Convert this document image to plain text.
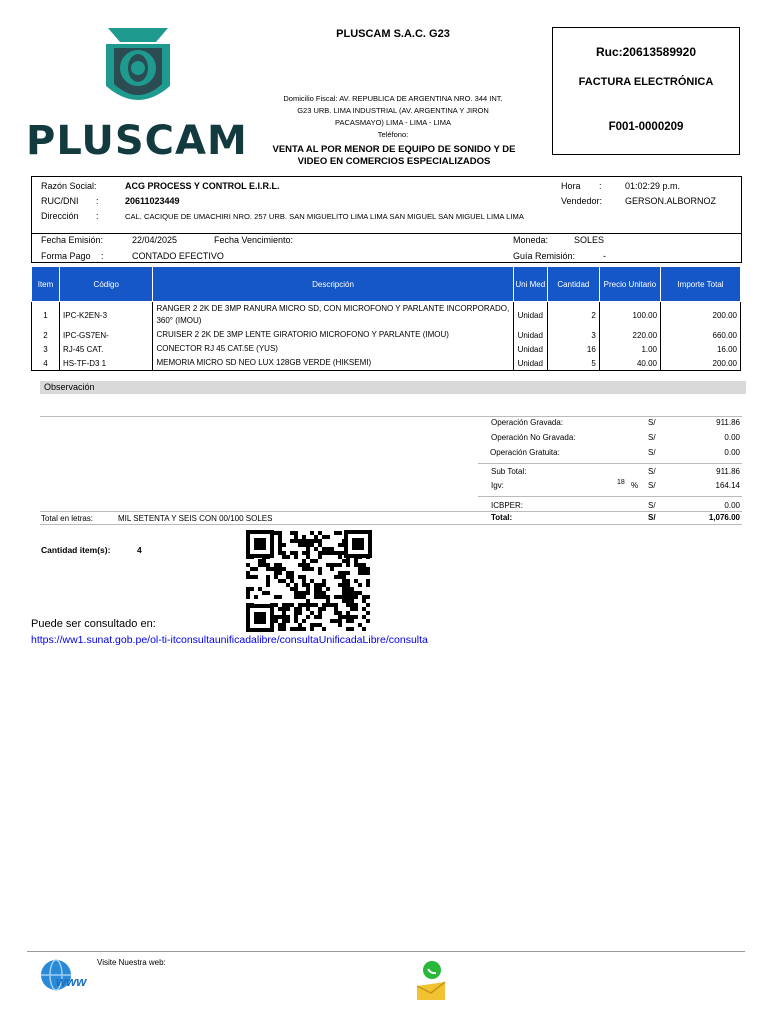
PLUSCAM
PLUSCAM S.A.C. G23
Domicilio Fiscal: AV. REPUBLICA DE ARGENTINA NRO. 344 INT.
G23 URB. LIMA INDUSTRIAL (AV. ARGENTINA Y JIRON
PACASMAYO) LIMA - LIMA - LIMA
Teléfono:
VENTA AL POR MENOR DE EQUIPO DE SONIDO Y DE
VIDEO EN COMERCIOS ESPECIALIZADOS
Ruc:20613589920
FACTURA ELECTRÓNICA
F001-0000209
Razón Social:	ACG PROCESS Y CONTROL E.I.R.L.
RUC/DNI :	20611023449
Dirección :	CAL. CACIQUE DE UMACHIRI NRO. 257 URB. SAN MIGUELITO LIMA LIMA SAN MIGUEL SAN MIGUEL LIMA LIMA
Hora :	01:02:29 p.m.
Vendedor:	GERSON.ALBORNOZ
Fecha Emisión:	22/04/2025	Fecha Vencimiento:	Moneda:	SOLES
Forma Pago :	CONTADO EFECTIVO	Guía Remisión:	-
Item	Código	Descripción	Uni Med	Cantidad	Precio Unitario	Importe Total
1	IPC-K2EN-3	RANGER 2 2K DE 3MP RANURA MICRO SD, CON MICROFONO Y PARLANTE INCORPORADO, 360° (IMOU)	Unidad	2	100.00	200.00
2	IPC-GS7EN-	CRUISER 2 2K DE 3MP LENTE GIRATORIO MICROFONO Y PARLANTE (IMOU)	Unidad	3	220.00	660.00
3	RJ-45 CAT.	CONECTOR RJ 45 CAT.5E (YUS)	Unidad	16	1.00	16.00
4	HS-TF-D3 1	MEMORIA MICRO SD NEO LUX 128GB VERDE (HIKSEMI)	Unidad	5	40.00	200.00
Observación
Operación Gravada:	S/	911.86
Operación No Gravada:	S/	0.00
Operación Gratuita:	S/	0.00
Sub Total:	S/	911.86
Igv:	18 % S/	164.14
ICBPER:	S/	0.00
Total:	S/	1,076.00
Total en letras:	MIL SETENTA Y SEIS CON 00/100 SOLES
Cantidad item(s):	4
Puede ser consultado en:
https://ww1.sunat.gob.pe/ol-ti-itconsultaunificadalibre/consultaUnificadaLibre/consulta
www
Visite Nuestra web:
